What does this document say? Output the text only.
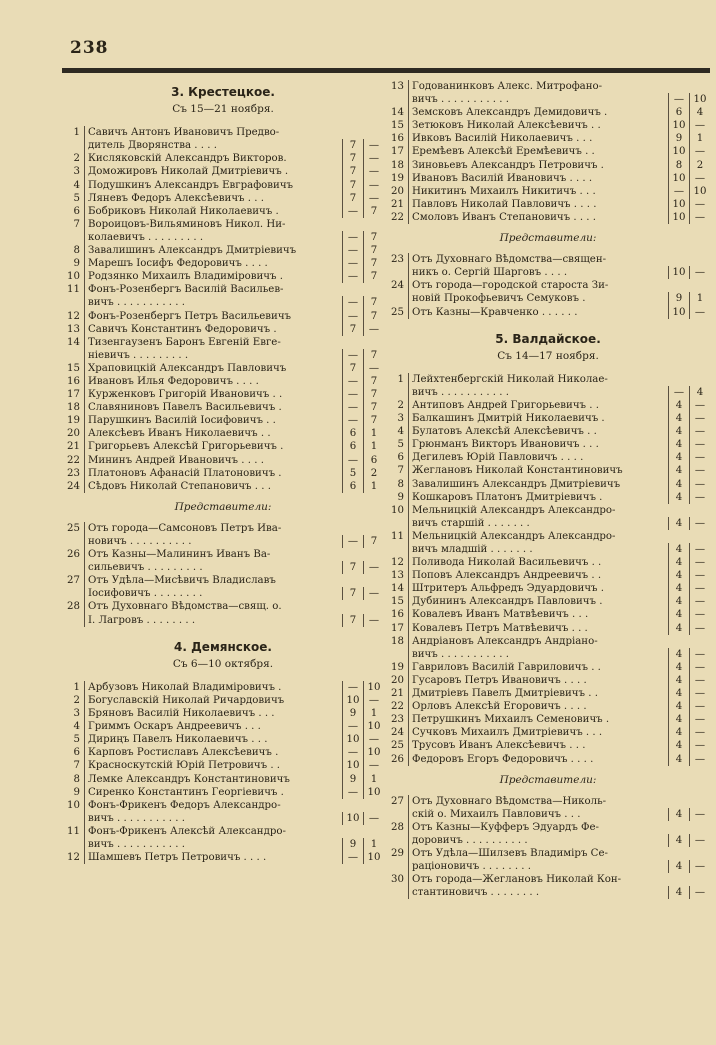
238
3. Крестецкое.
Съ 15—21 ноября.
1 Савичъ Антонъ Ивановичъ Предво-
дитель Дворянства . . . .	7	—
2 Кисляковскій Александръ Викторов.	7	—
3 Доможировъ Николай Дмитріевичъ .	7	—
4 Подушкинъ Александръ Евграфовичъ	7	—
5 Ляневъ Федоръ Алексѣевичъ . . .	7	—
6 Бобриковъ Николай Николаевичъ .	—	7
7 Вороицовъ-Вильяминовъ Никол. Ни-
колаевичъ . . . . . . . . .	—	7
8 Завалишинъ Александръ Дмитріевичъ	—	7
9 Марешъ Іосифъ Федоровичъ . . . .	—	7
10 Родзянко Михаилъ Владиміровичъ .	—	7
11 Фонъ-Розенбергъ Василій Васильев-
вичъ . . . . . . . . . . .	—	7
12 Фонъ-Розенбергъ Петръ Васильевичъ	—	7
13 Савичъ Константинъ Федоровичъ .	7	—
14 Тизенгаузенъ Баронъ Евгеній Евге-
ніевичъ . . . . . . . . .	—	7
15 Храповицкій Александръ Павловичъ	7	—
16 Ивановъ Илья Федоровичъ . . . .	—	7
17 Курженковъ Григорій Ивановичъ . .	—	7
18 Славяниновъ Павелъ Васильевичъ .	—	7
19 Парушкинъ Василій Іосифовичъ . .	—	7
20 Алексѣевъ Иванъ Николаевичъ . .	6	1
21 Григорьевъ Алексѣй Григорьевичъ .	6	1
22 Мининъ Андрей Ивановичъ . . . .	—	6
23 Платоновъ Афанасій Платоновичъ .	5	2
24 Сѣдовъ Николай Степановичъ . . .	6	1
Представители:
25 Отъ города—Самсоновъ Петръ Ива-
новичъ . . . . . . . . . .	—	7
26 Отъ Казны—Малининъ Иванъ Ва-
сильевичъ . . . . . . . . .	7	—
27 Отъ Удѣла—Мисѣвичъ Владиславъ
Іосифовичъ . . . . . . . .	7	—
28 Отъ Духовнаго Вѣдомства—свящ. о.
І. Лагровъ . . . . . . . .	7	—
4. Демянское.
Съ 6—10 октября.
1 Арбузовъ Николай Владиміровичъ .	— 10
2 Богуславскій Николай Ричардовичъ	10 —
3 Бряновъ Василій Николаевичъ . . .	9	1
4 Гриммъ Оскаръ Андреевичъ . . .	— 10
5 Дириңъ Павелъ Николаевичъ . . .	10 —
6 Карповъ Ростиславъ Алексѣевичъ .	— 10
7 Красноскутскій Юрій Петровичъ . .	10 —
8 Лемке Александръ Константиновичъ	9	1
9 Сиренко Константинъ Георгіевичъ .	— 10
10 Фонъ-Фрикенъ Федоръ Александро-
вичъ . . . . . . . . . . .	10 —
11 Фонъ-Фрикенъ Алексѣй Александро-
вичъ . . . . . . . . . . .	9	1
12 Шамшевъ Петръ Петровичъ . . . .	— 10
13 Годованинковъ Алекс. Митрофано-
вичъ . . . . . . . . . . .	— 10
14 Земсковъ Александръ Демидовичъ .	6	4
15 Зетюковъ Николай Алексѣевичъ . .	10 —
16 Ивковъ Василій Николаевичъ . . .	9	1
17 Еремѣевъ Алексѣй Еремѣевичъ . .	10 —
18 Зиновьевъ Александръ Петровичъ .	8	2
19 Ивановъ Василій Ивановичъ . . . .	10 —
20 Никитинъ Михаилъ Никитичъ . . .	— 10
21 Павловъ Николай Павловичъ . . . .	10 —
22 Смоловъ Иванъ Степановичъ . . . .	10 —
Представители:
23 Отъ Духовнаго Вѣдомства—священ-
никъ о. Сергій Шарговъ . . . .	10 —
24 Отъ города—городской староста Зи-
новій Прокофьевичъ Семуковъ .	9	1
25 Отъ Казны—Кравченко . . . . . .	10 —
5. Валдайское.
Съ 14—17 ноября.
1 Лейхтенбергскій Николай Николае-
вичъ . . . . . . . . . . .	—	4
2 Антиповъ Андрей Григорьевичъ . .	4	—
3 Балкашинъ Дмитрій Николаевичъ .	4	—
4 Булатовъ Алексѣй Алексѣевичъ . .	4	—
5 Грюнманъ Викторъ Ивановичъ . . .	4	—
6 Дегилевъ Юрій Павловичъ . . . .	4	—
7 Жеглановъ Николай Константиновичъ	4	—
8 Завалишинъ Александръ Дмитріевичъ	4	—
9 Кошкаровъ Платонъ Дмитріевичъ .	4	—
10 Мельницкій Александръ Александро-
вичъ старшій . . . . . . .	4	—
11 Мельницкій Александръ Александро-
вичъ младшій . . . . . . .	4	—
12 Поливода Николай Васильевичъ . .	4	—
13 Поповъ Александръ Андреевичъ . .	4	—
14 Штритеръ Альфредъ Эдуардовичъ .	4	—
15 Дубининъ Александръ Павловичъ .	4	—
16 Ковалевъ Иванъ Матвѣевичъ . . .	4	—
17 Ковалевъ Петръ Матвѣевичъ . . .	4	—
18 Андріановъ Александръ Андріано-
вичъ . . . . . . . . . . .	4	—
19 Гавриловъ Василій Гавриловичъ . .	4	—
20 Гусаровъ Петръ Ивановичъ . . . .	4	—
21 Дмитріевъ Павелъ Дмитріевичъ . .	4	—
22 Орловъ Алексѣй Егоровичъ . . . .	4	—
23 Петрушкинъ Михаилъ Семеновичъ .	4	—
24 Сучковъ Михаилъ Дмитріевичъ . . .	4	—
25 Трусовъ Иванъ Алексѣевичъ . . .	4	—
26 Федоровъ Егоръ Федоровичъ . . . .	4	—
Представители:
27 Отъ Духовнаго Вѣдомства—Николь-
скій о. Михаилъ Павловичъ . . .	4	—
28 Отъ Казны—Куфферъ Эдуардъ Фе-
доровичъ . . . . . . . . . .	4	—
29 Отъ Удѣла—Шилзевъ Владиміръ Се-
раціоновичъ . . . . . . . .	4	—
30 Отъ города—Жеглановъ Николай Кон-
стантиновичъ . . . . . . . .	4	—
